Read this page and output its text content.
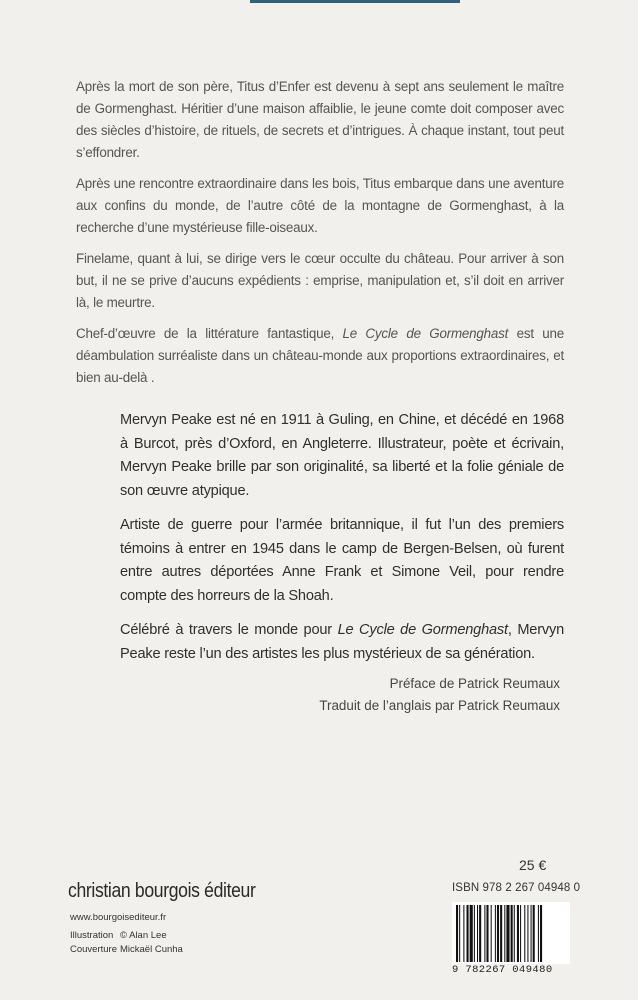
Après la mort de son père, Titus d’Enfer est devenu à sept ans seulement le maître de Gormenghast. Héritier d’une maison affaiblie, le jeune comte doit composer avec des siècles d’histoire, de rituels, de secrets et d’intrigues. À chaque instant, tout peut s’effondrer.

Après une rencontre extraordinaire dans les bois, Titus embarque dans une aventure aux confins du monde, de l’autre côté de la montagne de Gormenghast, à la recherche d’une mystérieuse fille-oiseaux.

Finelame, quant à lui, se dirige vers le cœur occulte du château. Pour arriver à son but, il ne se prive d’aucuns expédients : emprise, manipulation et, s’il doit en arriver là, le meurtre.

Chef-d’œuvre de la littérature fantastique, Le Cycle de Gormenghast est une déambulation surréaliste dans un château-monde aux proportions extraordinaires, et bien au-delà .

Mervyn Peake est né en 1911 à Guling, en Chine, et décédé en 1968 à Burcot, près d’Oxford, en Angleterre. Illustrateur, poète et écrivain, Mervyn Peake brille par son originalité, sa liberté et la folie géniale de son œuvre atypique.

Artiste de guerre pour l’armée britannique, il fut l’un des premiers témoins à entrer en 1945 dans le camp de Bergen-Belsen, où furent entre autres déportées Anne Frank et Simone Veil, pour rendre compte des horreurs de la Shoah.

Célébré à travers le monde pour Le Cycle de Gormenghast, Mervyn Peake reste l’un des artistes les plus mystérieux de sa génération.

Préface de Patrick Reumaux
Traduit de l’anglais par Patrick Reumaux
25 €
ISBN 978 2 267 04948 0
9 782267 049480
christian bourgois éditeur
www.bourgoisediteur.fr
Illustration © Alan Lee
Couverture Mickaël Cunha
